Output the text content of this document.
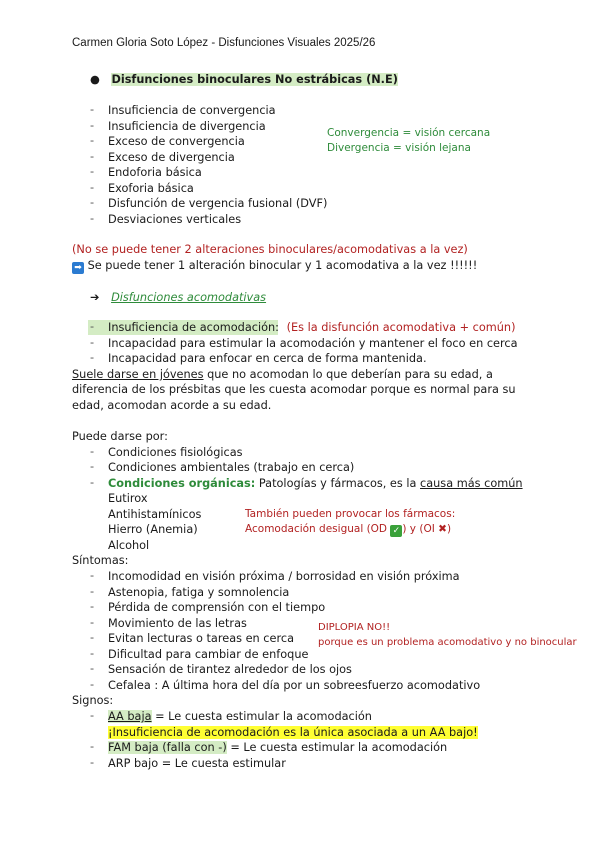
Carmen Gloria Soto López - Disfunciones Visuales 2025/26
● Disfunciones binoculares No estrábicas (N.E)
- Insuficiencia de convergencia
- Insuficiencia de divergencia
- Exceso de convergencia
- Exceso de divergencia
- Endoforia básica
- Exoforia básica
- Disfunción de vergencia fusional (DVF)
- Desviaciones verticales
Convergencia = visión cercana
Divergencia = visión lejana
(No se puede tener 2 alteraciones binoculares/acomodativas a la vez)
➡ Se puede tener 1 alteración binocular y 1 acomodativa a la vez !!!!!!
➔ Disfunciones acomodativas
- Insuficiencia de acomodación: (Es la disfunción acomodativa + común)
- Incapacidad para estimular la acomodación y mantener el foco en cerca
- Incapacidad para enfocar en cerca de forma mantenida.
Suele darse en jóvenes que no acomodan lo que deberían para su edad, a
diferencia de los présbitas que les cuesta acomodar porque es normal para su
edad, acomodan acorde a su edad.
Puede darse por:
- Condiciones fisiológicas
- Condiciones ambientales (trabajo en cerca)
- Condiciones orgánicas: Patologías y fármacos, es la causa más común
Eutirox
Antihistamínicos
Hierro (Anemia)
Alcohol
También pueden provocar los fármacos:
Acomodación desigual (OD ✓ ) y (OI ✖)
Síntomas:
- Incomodidad en visión próxima / borrosidad en visión próxima
- Astenopia, fatiga y somnolencia
- Pérdida de comprensión con el tiempo
- Movimiento de las letras
- Evitan lecturas o tareas en cerca
- Dificultad para cambiar de enfoque
- Sensación de tirantez alrededor de los ojos
- Cefalea : A última hora del día por un sobreesfuerzo acomodativo
DIPLOPIA NO!!
porque es un problema acomodativo y no binocular
Signos:
- AA baja = Le cuesta estimular la acomodación
¡Insuficiencia de acomodación es la única asociada a un AA bajo!
- FAM baja (falla con -) = Le cuesta estimular la acomodación
- ARP bajo = Le cuesta estimular
